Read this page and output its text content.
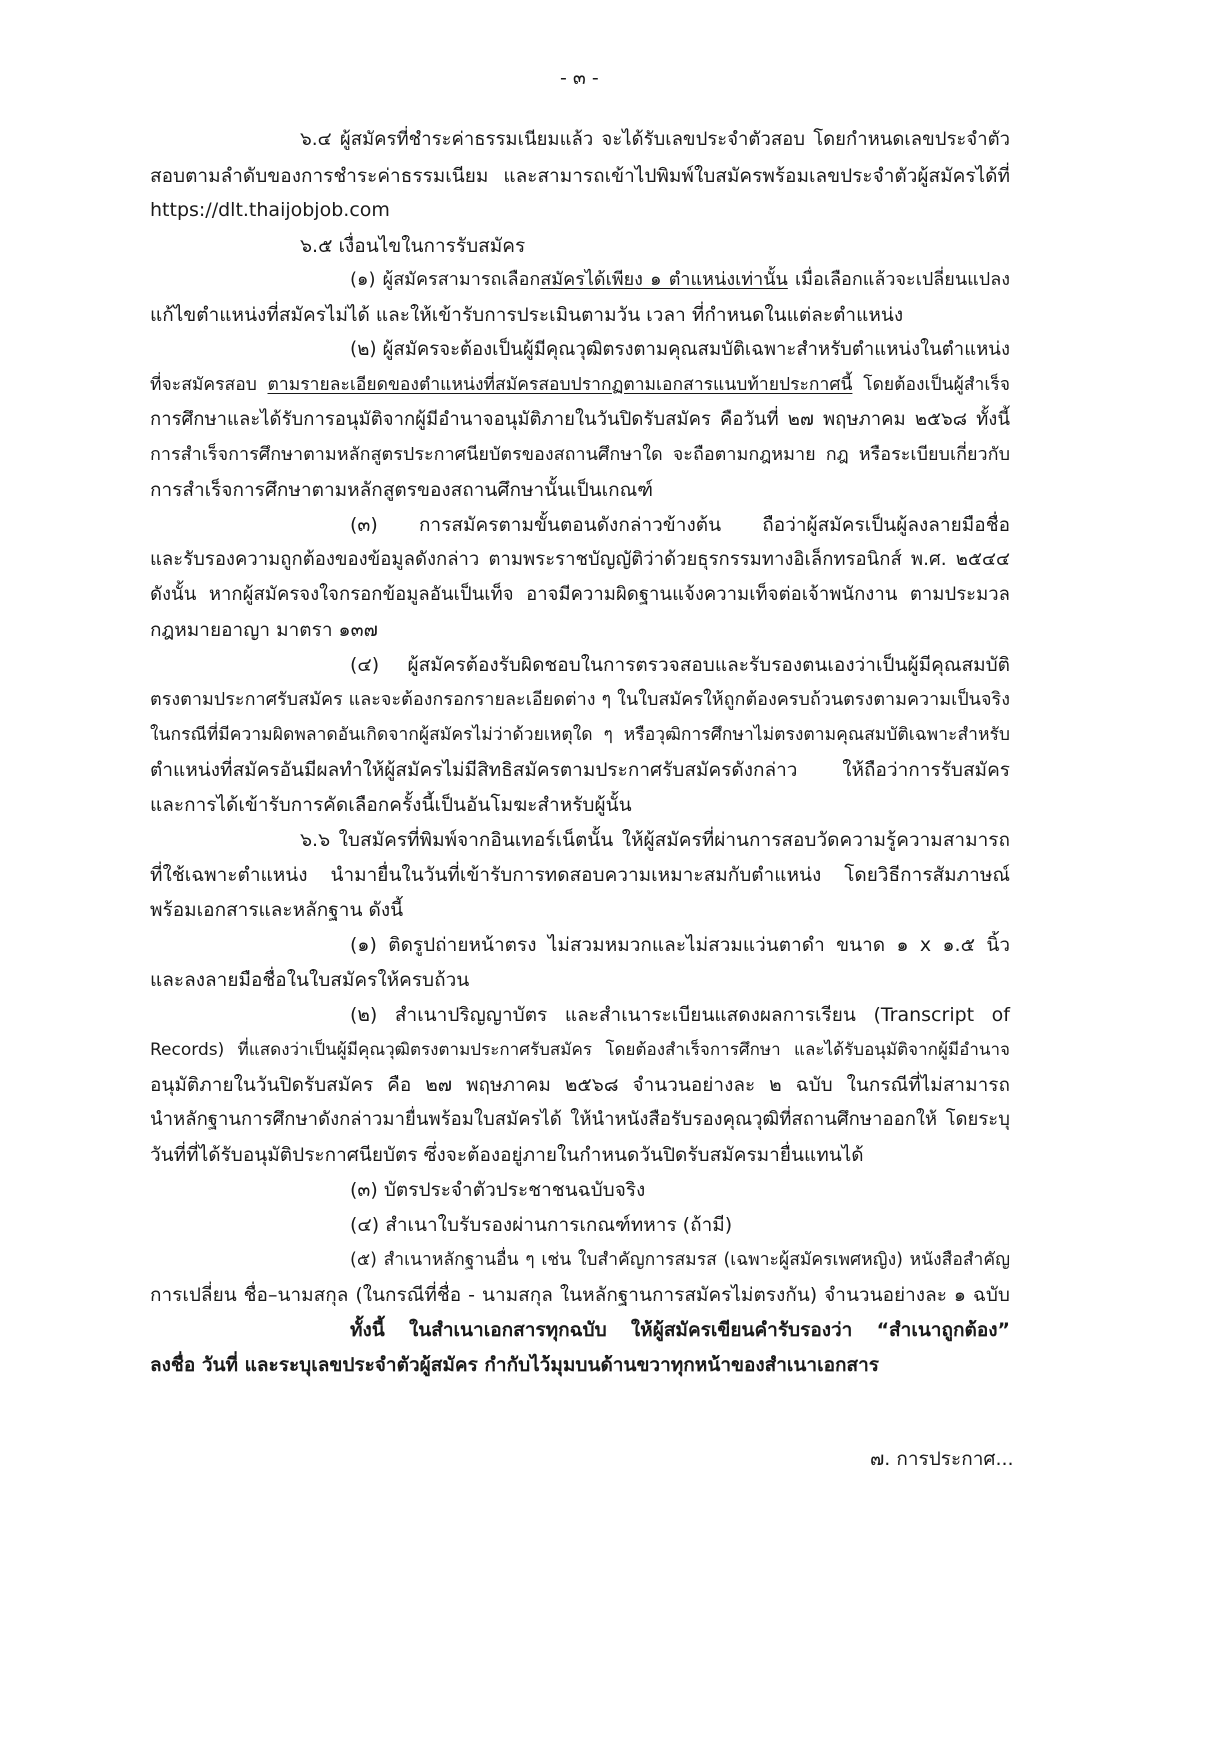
- ๓ -
๖.๔ ผู้สมัครที่ชำระค่าธรรมเนียมแล้ว จะได้รับเลขประจำตัวสอบ โดยกำหนดเลขประจำตัว
สอบตามลำดับของการชำระค่าธรรมเนียม และสามารถเข้าไปพิมพ์ใบสมัครพร้อมเลขประจำตัวผู้สมัครได้ที่
https://dlt.thaijobjob.com
๖.๕ เงื่อนไขในการรับสมัคร
(๑) ผู้สมัครสามารถเลือกสมัครได้เพียง ๑ ตำแหน่งเท่านั้น เมื่อเลือกแล้วจะเปลี่ยนแปลง
แก้ไขตำแหน่งที่สมัครไม่ได้ และให้เข้ารับการประเมินตามวัน เวลา ที่กำหนดในแต่ละตำแหน่ง
(๒) ผู้สมัครจะต้องเป็นผู้มีคุณวุฒิตรงตามคุณสมบัติเฉพาะสำหรับตำแหน่งในตำแหน่ง
ที่จะสมัครสอบ ตามรายละเอียดของตำแหน่งที่สมัครสอบปรากฏตามเอกสารแนบท้ายประกาศนี้ โดยต้องเป็นผู้สำเร็จ
การศึกษาและได้รับการอนุมัติจากผู้มีอำนาจอนุมัติภายในวันปิดรับสมัคร คือวันที่ ๒๗ พฤษภาคม ๒๕๖๘ ทั้งนี้
การสำเร็จการศึกษาตามหลักสูตรประกาศนียบัตรของสถานศึกษาใด จะถือตามกฎหมาย กฎ หรือระเบียบเกี่ยวกับ
การสำเร็จการศึกษาตามหลักสูตรของสถานศึกษานั้นเป็นเกณฑ์
(๓) การสมัครตามขั้นตอนดังกล่าวข้างต้น ถือว่าผู้สมัครเป็นผู้ลงลายมือชื่อ
และรับรองความถูกต้องของข้อมูลดังกล่าว ตามพระราชบัญญัติว่าด้วยธุรกรรมทางอิเล็กทรอนิกส์ พ.ศ. ๒๕๔๔
ดังนั้น หากผู้สมัครจงใจกรอกข้อมูลอันเป็นเท็จ อาจมีความผิดฐานแจ้งความเท็จต่อเจ้าพนักงาน ตามประมวล
กฎหมายอาญา มาตรา ๑๓๗
(๔) ผู้สมัครต้องรับผิดชอบในการตรวจสอบและรับรองตนเองว่าเป็นผู้มีคุณสมบัติ
ตรงตามประกาศรับสมัคร และจะต้องกรอกรายละเอียดต่าง ๆ ในใบสมัครให้ถูกต้องครบถ้วนตรงตามความเป็นจริง
ในกรณีที่มีความผิดพลาดอันเกิดจากผู้สมัครไม่ว่าด้วยเหตุใด ๆ หรือวุฒิการศึกษาไม่ตรงตามคุณสมบัติเฉพาะสำหรับ
ตำแหน่งที่สมัครอันมีผลทำให้ผู้สมัครไม่มีสิทธิสมัครตามประกาศรับสมัครดังกล่าว ให้ถือว่าการรับสมัคร
และการได้เข้ารับการคัดเลือกครั้งนี้เป็นอันโมฆะสำหรับผู้นั้น
๖.๖ ใบสมัครที่พิมพ์จากอินเทอร์เน็ตนั้น ให้ผู้สมัครที่ผ่านการสอบวัดความรู้ความสามารถ
ที่ใช้เฉพาะตำแหน่ง นำมายื่นในวันที่เข้ารับการทดสอบความเหมาะสมกับตำแหน่ง โดยวิธีการสัมภาษณ์
พร้อมเอกสารและหลักฐาน ดังนี้
(๑) ติดรูปถ่ายหน้าตรง ไม่สวมหมวกและไม่สวมแว่นตาดำ ขนาด ๑ x ๑.๕ นิ้ว
และลงลายมือชื่อในใบสมัครให้ครบถ้วน
(๒) สำเนาปริญญาบัตร และสำเนาระเบียนแสดงผลการเรียน (Transcript of
Records) ที่แสดงว่าเป็นผู้มีคุณวุฒิตรงตามประกาศรับสมัคร โดยต้องสำเร็จการศึกษา และได้รับอนุมัติจากผู้มีอำนาจ
อนุมัติภายในวันปิดรับสมัคร คือ ๒๗ พฤษภาคม ๒๕๖๘ จำนวนอย่างละ ๒ ฉบับ ในกรณีที่ไม่สามารถ
นำหลักฐานการศึกษาดังกล่าวมายื่นพร้อมใบสมัครได้ ให้นำหนังสือรับรองคุณวุฒิที่สถานศึกษาออกให้ โดยระบุ
วันที่ที่ได้รับอนุมัติประกาศนียบัตร ซึ่งจะต้องอยู่ภายในกำหนดวันปิดรับสมัครมายื่นแทนได้
(๓) บัตรประจำตัวประชาชนฉบับจริง
(๔) สำเนาใบรับรองผ่านการเกณฑ์ทหาร (ถ้ามี)
(๕) สำเนาหลักฐานอื่น ๆ เช่น ใบสำคัญการสมรส (เฉพาะผู้สมัครเพศหญิง) หนังสือสำคัญ
การเปลี่ยน ชื่อ–นามสกุล (ในกรณีที่ชื่อ - นามสกุล ในหลักฐานการสมัครไม่ตรงกัน) จำนวนอย่างละ ๑ ฉบับ
ทั้งนี้ ในสำเนาเอกสารทุกฉบับ ให้ผู้สมัครเขียนคำรับรองว่า “สำเนาถูกต้อง”
ลงชื่อ วันที่ และระบุเลขประจำตัวผู้สมัคร กำกับไว้มุมบนด้านขวาทุกหน้าของสำเนาเอกสาร
๗. การประกาศ...
